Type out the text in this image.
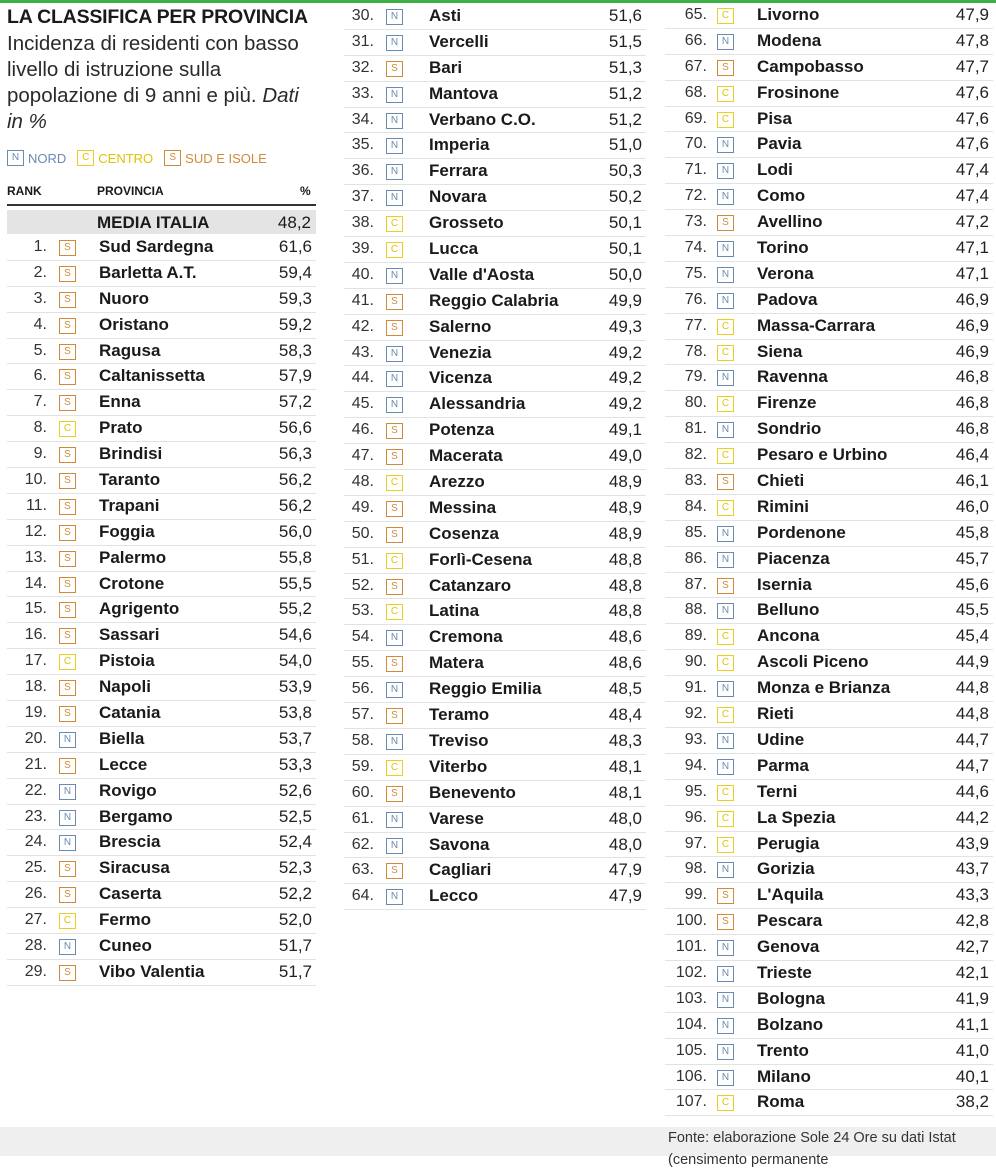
LA CLASSIFICA PER PROVINCIA
Incidenza di residenti con basso livello di istruzione sulla popolazione di 9 anni e più. Dati in %
N NORD	C CENTRO	S SUD E ISOLE
RANK	PROVINCIA	%
MEDIA ITALIA	48,2
1.	S	Sud Sardegna	61,6
2.	S	Barletta A.T.	59,4
3.	S	Nuoro	59,3
4.	S	Oristano	59,2
5.	S	Ragusa	58,3
6.	S	Caltanissetta	57,9
7.	S	Enna	57,2
8.	C Prato	56,6
9.	S	Brindisi	56,3
10.	S	Taranto	56,2
11.	S	Trapani	56,2
12.	S	Foggia	56,0
13.	S	Palermo	55,8
14.	S	Crotone	55,5
15.	S	Agrigento	55,2
16.	S	Sassari	54,6
17.	C Pistoia	54,0
18.	S	Napoli	53,9
19.	S	Catania	53,8
20.	N Biella	53,7
21.	S	Lecce	53,3
22.	N Rovigo	52,6
23.	N Bergamo	52,5
24.	N Brescia	52,4
25.	S	Siracusa	52,3
26.	S	Caserta	52,2
27.	C Fermo	52,0
28.	N Cuneo	51,7
29.	S	Vibo Valentia	51,7
30.	N Asti	51,6
31.	N Vercelli	51,5
32.	S	Bari	51,3
33.	N Mantova	51,2
34.	N Verbano C.O.	51,2
35.	N Imperia	51,0
36.	N Ferrara	50,3
37.	N Novara	50,2
38.	C Grosseto	50,1
39.	C Lucca	50,1
40.	N Valle d'Aosta	50,0
41.	S	Reggio Calabria	49,9
42.	S	Salerno	49,3
43.	N Venezia	49,2
44.	N Vicenza	49,2
45.	N Alessandria	49,2
46.	S	Potenza	49,1
47.	S	Macerata	49,0
48.	C Arezzo	48,9
49.	S	Messina	48,9
50.	S	Cosenza	48,9
51.	C Forlì-Cesena	48,8
52.	S	Catanzaro	48,8
53.	C Latina	48,8
54.	N Cremona	48,6
55.	S	Matera	48,6
56.	N Reggio Emilia	48,5
57.	S	Teramo	48,4
58.	N Treviso	48,3
59.	C Viterbo	48,1
60.	S	Benevento	48,1
61.	N Varese	48,0
62.	N Savona	48,0
63.	S	Cagliari	47,9
64.	N Lecco	47,9
65.	C Livorno	47,9
66.	N Modena	47,8
67.	S	Campobasso	47,7
68.	C Frosinone	47,6
69.	C Pisa	47,6
70.	N Pavia	47,6
71.	N Lodi	47,4
72.	N Como	47,4
73.	S	Avellino	47,2
74.	N Torino	47,1
75.	N Verona	47,1
76.	N Padova	46,9
77.	C Massa-Carrara	46,9
78.	C Siena	46,9
79.	N Ravenna	46,8
80.	C Firenze	46,8
81.	N Sondrio	46,8
82.	C Pesaro e Urbino	46,4
83.	S	Chieti	46,1
84.	C Rimini	46,0
85.	N Pordenone	45,8
86.	N Piacenza	45,7
87.	S	Isernia	45,6
88.	N Belluno	45,5
89.	C Ancona	45,4
90.	C Ascoli Piceno	44,9
91.	N Monza e Brianza	44,8
92.	C Rieti	44,8
93.	N Udine	44,7
94.	N Parma	44,7
95.	C Terni	44,6
96.	C La Spezia	44,2
97.	C Perugia	43,9
98.	N Gorizia	43,7
99.	S	L'Aquila	43,3
100.	S	Pescara	42,8
101.	N Genova	42,7
102.	N Trieste	42,1
103.	N Bologna	41,9
104.	N Bolzano	41,1
105.	N Trento	41,0
106.	N Milano	40,1
107.	C Roma	38,2
Fonte: elaborazione Sole 24 Ore su dati Istat (censimento permanente
